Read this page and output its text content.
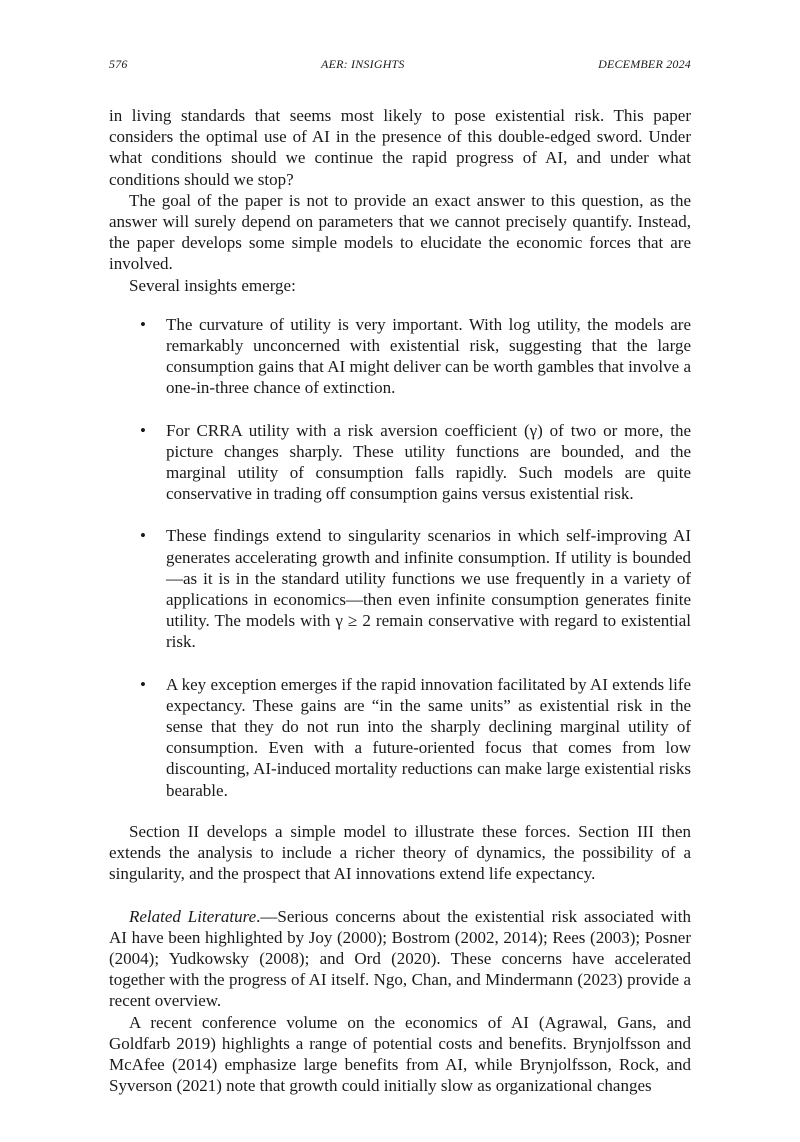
576	AER: INSIGHTS	DECEMBER 2024

in living standards that seems most likely to pose existential risk. This paper considers the optimal use of AI in the presence of this double-edged sword. Under what conditions should we continue the rapid progress of AI, and under what conditions should we stop?

The goal of the paper is not to provide an exact answer to this question, as the answer will surely depend on parameters that we cannot precisely quantify. Instead, the paper develops some simple models to elucidate the economic forces that are involved.

Several insights emerge:

• The curvature of utility is very important. With log utility, the models are remarkably unconcerned with existential risk, suggesting that the large consumption gains that AI might deliver can be worth gambles that involve a one-in-three chance of extinction.
• For CRRA utility with a risk aversion coefficient (γ) of two or more, the picture changes sharply. These utility functions are bounded, and the marginal utility of consumption falls rapidly. Such models are quite conservative in trading off consumption gains versus existential risk.
• These findings extend to singularity scenarios in which self-improving AI generates accelerating growth and infinite consumption. If utility is bounded—as it is in the standard utility functions we use frequently in a variety of applications in economics—then even infinite consumption generates finite utility. The models with γ ≥ 2 remain conservative with regard to existential risk.
• A key exception emerges if the rapid innovation facilitated by AI extends life expectancy. These gains are “in the same units” as existential risk in the sense that they do not run into the sharply declining marginal utility of consumption. Even with a future-oriented focus that comes from low discounting, AI-induced mortality reductions can make large existential risks bearable.

Section II develops a simple model to illustrate these forces. Section III then extends the analysis to include a richer theory of dynamics, the possibility of a singularity, and the prospect that AI innovations extend life expectancy.

Related Literature.—Serious concerns about the existential risk associated with AI have been highlighted by Joy (2000); Bostrom (2002, 2014); Rees (2003); Posner (2004); Yudkowsky (2008); and Ord (2020). These concerns have accelerated together with the progress of AI itself. Ngo, Chan, and Mindermann (2023) provide a recent overview.

A recent conference volume on the economics of AI (Agrawal, Gans, and Goldfarb 2019) highlights a range of potential costs and benefits. Brynjolfsson and McAfee (2014) emphasize large benefits from AI, while Brynjolfsson, Rock, and Syverson (2021) note that growth could initially slow as organizational changes
